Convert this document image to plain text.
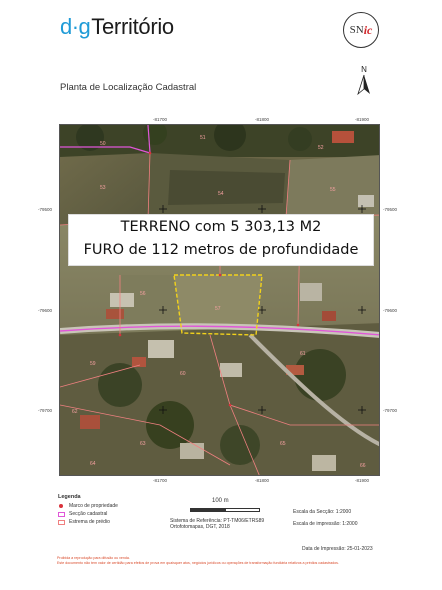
d·g Território	SN ic
N
Planta de Localização Cadastral
-81700	-81800	-81900
-81700	-81800	-81900
-79500
-79600
-79700
-79500
-79600
-79700
50
51
52
53
54
55
56
57
59
60
61
62
63
64
65
66
TERRENO com 5 303,13 M2
FURO de 112 metros de profundidade
Legenda
Marco de propriedade
Secção cadastral
Estrema de prédio
100 m
Sistema de Referência: PT-TM06/ETRS89
Ortofotomapas, DGT, 2018
Escala da Secção: 1:2000
Escala de impressão: 1:2000
Data de Impressão: 25-01-2023
Proibida a reprodução para difusão ou venda.
Este documento não tem valor de certidão para efeitos de prova em quaisquer atos, negócios jurídicos ou operações de transformação fundiária relativos a prédios cadastrados.
